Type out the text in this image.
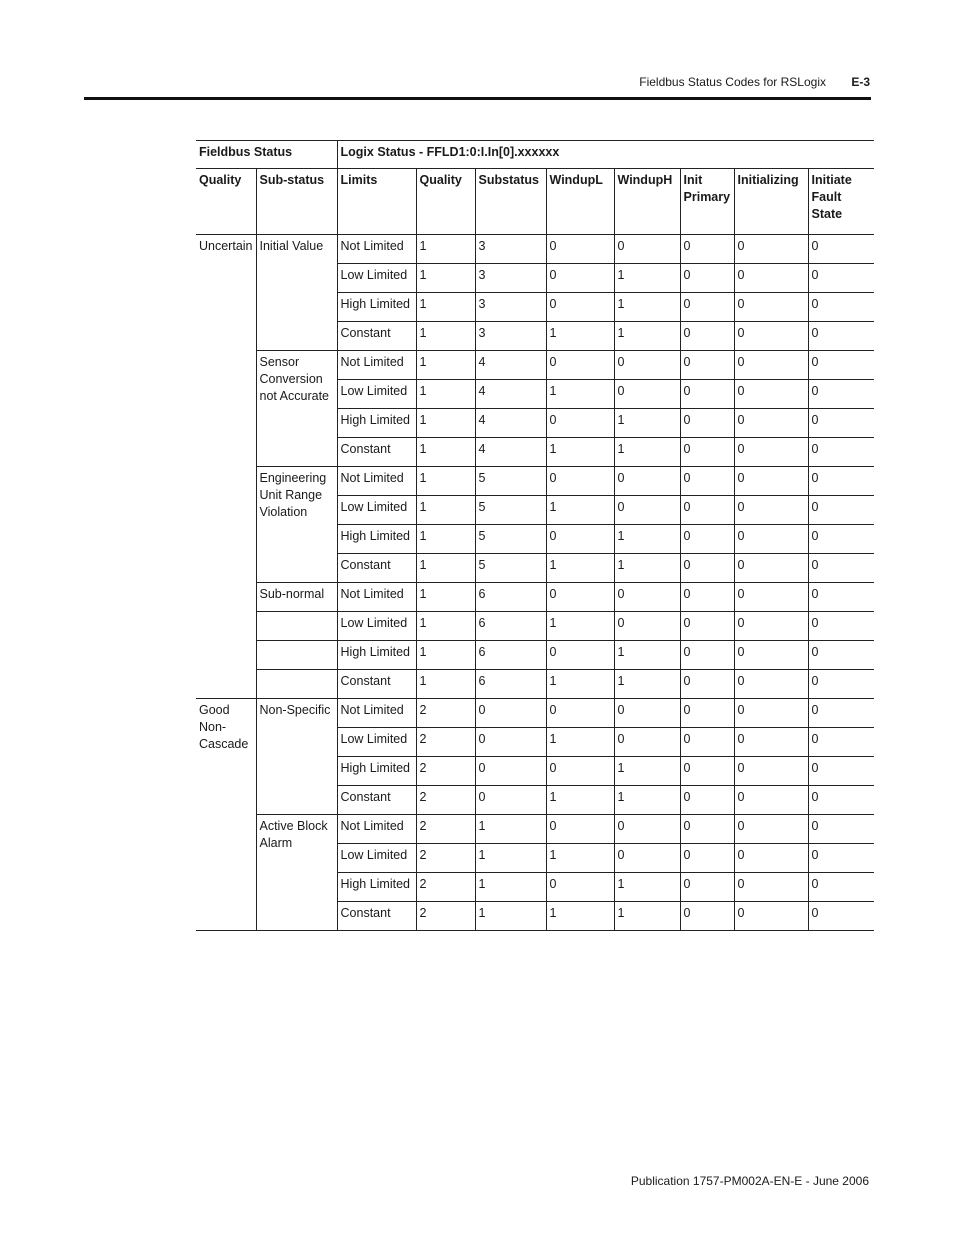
Fieldbus Status Codes for RSLogix	E-3
Fieldbus Status		Logix Status - FFLD1:0:I.In[0].xxxxxx							
Quality	Sub-status	Limits	Quality	Substatus	WindupL	WindupH	Init Primary	Initializing	Initiate Fault State
Uncertain	Initial Value	Not Limited	1	3	0	0	0	0	0
		Low Limited	1	3	0	1	0	0	0
		High Limited	1	3	0	1	0	0	0
		Constant	1	3	1	1	0	0	0
	Sensor Conversion not Accurate	Not Limited	1	4	0	0	0	0	0
		Low Limited	1	4	1	0	0	0	0
		High Limited	1	4	0	1	0	0	0
		Constant	1	4	1	1	0	0	0
	Engineering Unit Range Violation	Not Limited	1	5	0	0	0	0	0
		Low Limited	1	5	1	0	0	0	0
		High Limited	1	5	0	1	0	0	0
		Constant	1	5	1	1	0	0	0
	Sub-normal	Not Limited	1	6	0	0	0	0	0
		Low Limited	1	6	1	0	0	0	0
		High Limited	1	6	0	1	0	0	0
		Constant	1	6	1	1	0	0	0
Good Non-Cascade	Non-Specific	Not Limited	2	0	0	0	0	0	0
		Low Limited	2	0	1	0	0	0	0
		High Limited	2	0	0	1	0	0	0
		Constant	2	0	1	1	0	0	0
	Active Block Alarm	Not Limited	2	1	0	0	0	0	0
		Low Limited	2	1	1	0	0	0	0
		High Limited	2	1	0	1	0	0	0
		Constant	2	1	1	1	0	0	0
Publication 1757-PM002A-EN-E - June 2006
